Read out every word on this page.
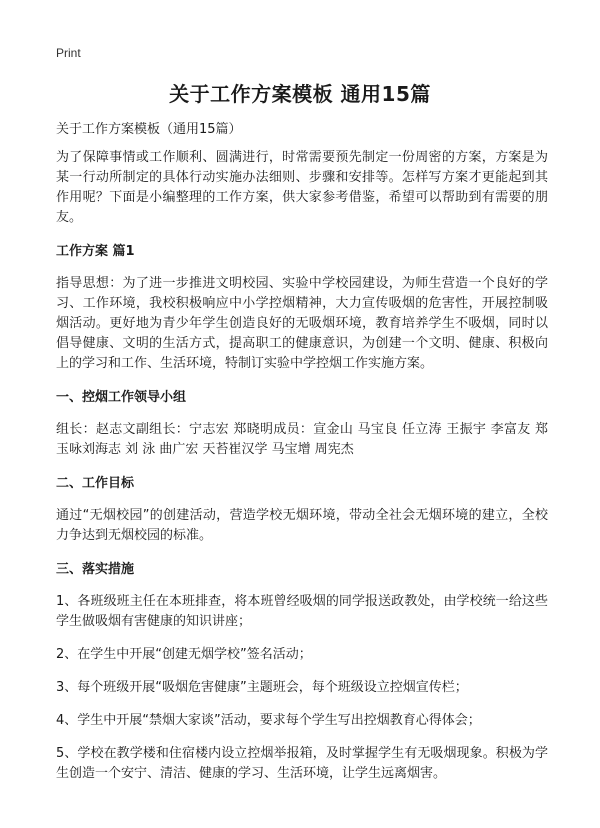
Print
关于工作方案模板 通用15篇

关于工作方案模板（通用15篇）

为了保障事情或工作顺利、圆满进行，时常需要预先制定一份周密的方案，方案是为某一行动所制定的具体行动实施办法细则、步骤和安排等。怎样写方案才更能起到其作用呢？下面是小编整理的工作方案，供大家参考借鉴，希望可以帮助到有需要的朋友。

工作方案 篇1

指导思想：为了进一步推进文明校园、实验中学校园建设，为师生营造一个良好的学习、工作环境，我校积极响应中小学控烟精神，大力宣传吸烟的危害性，开展控制吸烟活动。更好地为青少年学生创造良好的无吸烟环境，教育培养学生不吸烟，同时以倡导健康、文明的生活方式，提高职工的健康意识，为创建一个文明、健康、积极向上的学习和工作、生活环境，特制订实验中学控烟工作实施方案。

一、控烟工作领导小组

组长：赵志文副组长：宁志宏 郑晓明成员：宣金山 马宝良 任立涛 王振宇 李富友 郑玉咏刘海志 刘 泳 曲广宏 天苔崔汉学 马宝增 周宪杰

二、工作目标

通过“无烟校园”的创建活动，营造学校无烟环境，带动全社会无烟环境的建立，全校力争达到无烟校园的标准。

三、落实措施

1、各班级班主任在本班排查，将本班曾经吸烟的同学报送政教处，由学校统一给这些学生做吸烟有害健康的知识讲座；

2、在学生中开展“创建无烟学校”签名活动；

3、每个班级开展“吸烟危害健康”主题班会，每个班级设立控烟宣传栏；

4、学生中开展“禁烟大家谈”活动，要求每个学生写出控烟教育心得体会；

5、学校在教学楼和住宿楼内设立控烟举报箱，及时掌握学生有无吸烟现象。积极为学生创造一个安宁、清洁、健康的学习、生活环境，让学生远离烟害。
